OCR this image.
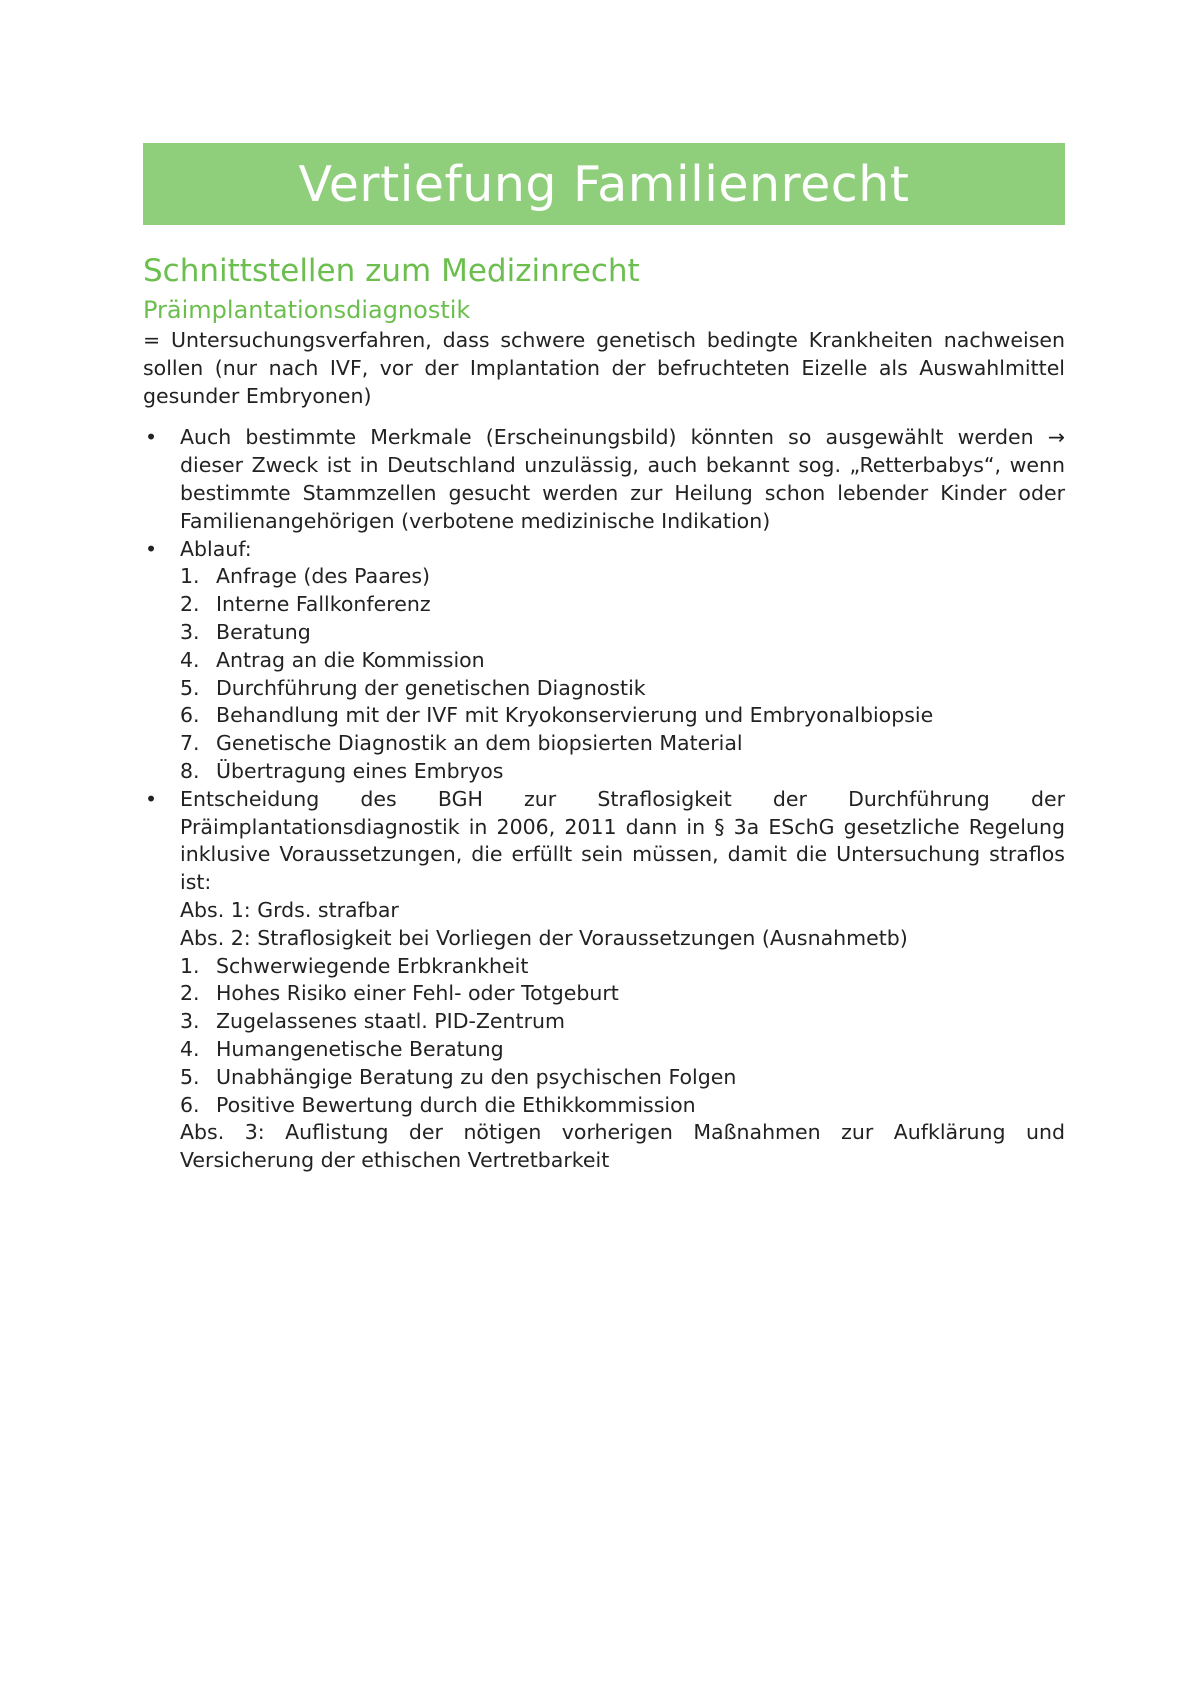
Vertiefung Familienrecht
Schnittstellen zum Medizinrecht
Präimplantationsdiagnostik

= Untersuchungsverfahren, dass schwere genetisch bedingte Krankheiten nachweisen sollen (nur nach IVF, vor der Implantation der befruchteten Eizelle als Auswahlmittel gesunder Embryonen)

• Auch bestimmte Merkmale (Erscheinungsbild) könnten so ausgewählt werden → dieser Zweck ist in Deutschland unzulässig, auch bekannt sog. „Retterbabys“, wenn bestimmte Stammzellen gesucht werden zur Heilung schon lebender Kinder oder Familienangehörigen (verbotene medizinische Indikation)
• Ablauf:
1. Anfrage (des Paares)
2. Interne Fallkonferenz
3. Beratung
4. Antrag an die Kommission
5. Durchführung der genetischen Diagnostik
6. Behandlung mit der IVF mit Kryokonservierung und Embryonalbiopsie
7. Genetische Diagnostik an dem biopsierten Material
8. Übertragung eines Embryos
• Entscheidung des BGH zur Straflosigkeit der Durchführung der Präimplantationsdiagnostik in 2006, 2011 dann in § 3a ESchG gesetzliche Regelung inklusive Voraussetzungen, die erfüllt sein müssen, damit die Untersuchung straflos ist:
Abs. 1: Grds. strafbar
Abs. 2: Straflosigkeit bei Vorliegen der Voraussetzungen (Ausnahmetb)
1. Schwerwiegende Erbkrankheit
2. Hohes Risiko einer Fehl- oder Totgeburt
3. Zugelassenes staatl. PID-Zentrum
4. Humangenetische Beratung
5. Unabhängige Beratung zu den psychischen Folgen
6. Positive Bewertung durch die Ethikkommission
Abs. 3: Auflistung der nötigen vorherigen Maßnahmen zur Aufklärung und Versicherung der ethischen Vertretbarkeit
